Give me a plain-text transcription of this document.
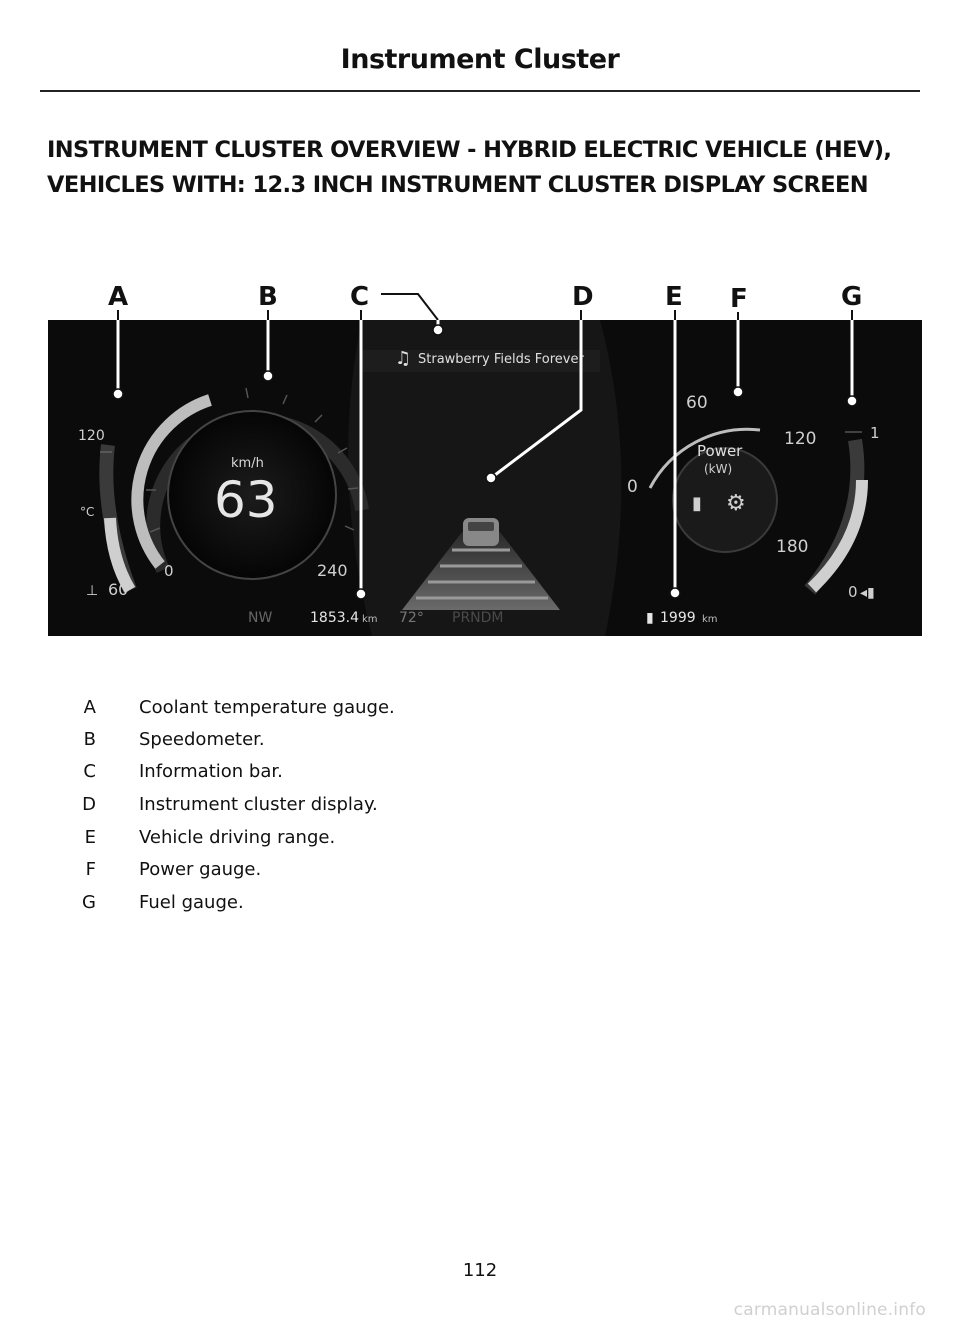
Instrument Cluster
INSTRUMENT CLUSTER OVERVIEW - HYBRID ELECTRIC VEHICLE (HEV), VEHICLES WITH: 12.3 INCH INSTRUMENT CLUSTER DISPLAY SCREEN
A	B	C	D	E F	G
♫ Strawberry Fields Forever
120
°C
⊥ 60
km/h
63
0	240
Power
(kW)
▮ ⚙
0
60
120
180
1
0 ◂▮
NW	1853.4 km 72° PRNDM	▮ 1999 km
A Coolant temperature gauge.
B Speedometer.
C Information bar.
D Instrument cluster display.
E Vehicle driving range.
F Power gauge.
G Fuel gauge.
112
carmanualsonline.info
